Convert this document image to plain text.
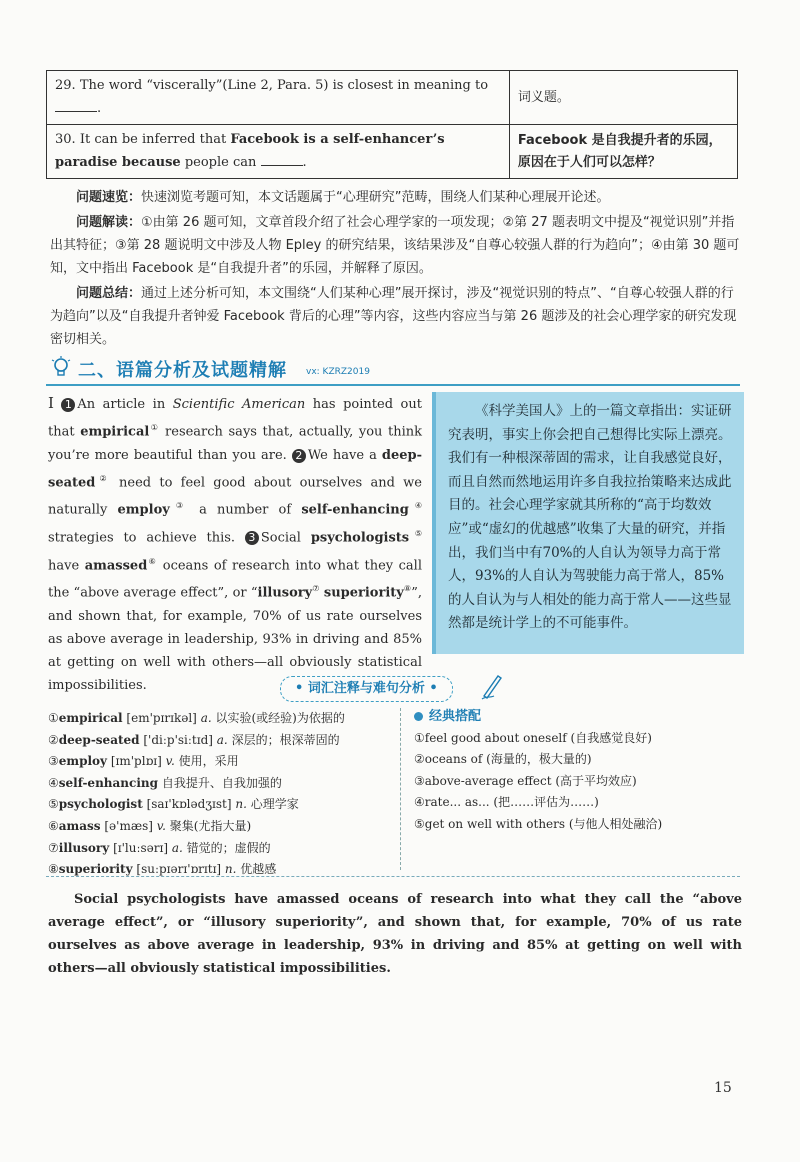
29. The word “viscerally”(Line 2, Para. 5) is closest in meaning to .	词义题。
30. It can be inferred that Facebook is a self-enhancer’s paradise because people can .	Facebook 是自我提升者的乐园，原因在于人们可以怎样？

问题速览：快速浏览考题可知，本文话题属于“心理研究”范畴，围绕人们某种心理展开论述。

问题解读：①由第 26 题可知，文章首段介绍了社会心理学家的一项发现；②第 27 题表明文中提及“视觉识别”并指出其特征；③第 28 题说明文中涉及人物 Epley 的研究结果，该结果涉及“自尊心较强人群的行为趋向”；④由第 30 题可知，文中指出 Facebook 是“自我提升者”的乐园，并解释了原因。

问题总结：通过上述分析可知，本文围绕“人们某种心理”展开探讨，涉及“视觉识别的特点”、“自尊心较强人群的行为趋向”以及“自我提升者钟爱 Facebook 背后的心理”等内容，这些内容应当与第 26 题涉及的社会心理学家的研究发现密切相关。

二、语篇分析及试题精解 vx: KZRZ2019
Ⅰ 1 An article in Scientific American has pointed out that empirical① research says that, actually, you think you’re more beautiful than you are. 2 We have a deep-seated② need to feel good about ourselves and we naturally employ③ a number of self-enhancing④ strategies to achieve this. 3 Social psychologists⑤ have amassed⑥ oceans of research into what they call the “above average effect”, or “illusory⑦ superiority⑧”, and shown that, for example, 70% of us rate ourselves as above average in leadership, 93% in driving and 85% at getting on well with others—all obviously statistical impossibilities.
《科学美国人》上的一篇文章指出：实证研究表明，事实上你会把自己想得比实际上漂亮。我们有一种根深蒂固的需求，让自我感觉良好，而且自然而然地运用许多自我拉抬策略来达成此目的。社会心理学家就其所称的“高于均数效应”或“虚幻的优越感”收集了大量的研究，并指出，我们当中有70%的人自认为领导力高于常人，93%的人自认为驾驶能力高于常人，85%的人自认为与人相处的能力高于常人——这些显然都是统计学上的不可能事件。
• 词汇注释与难句分析 •
①empirical [em'pɪrɪkəl] a. 以实验(或经验)为依据的
②deep-seated ['diːp'siːtɪd] a. 深层的；根深蒂固的
③employ [ɪm'plɒɪ] v. 使用，采用
④self-enhancing 自我提升、自我加强的
⑤psychologist [saɪ'kɒlədʒɪst] n. 心理学家
⑥amass [ə'mæs] v. 聚集(尤指大量)
⑦illusory [ɪ'luːsərɪ] a. 错觉的；虚假的
⑧superiority [suːpɪərɪ'ɒrɪtɪ] n. 优越感
经典搭配
①feel good about oneself (自我感觉良好)
②oceans of (海量的，极大量的)
③above-average effect (高于平均效应)
④rate... as... (把……评估为……)
⑤get on well with others (与他人相处融洽)
Social psychologists have amassed oceans of research into what they call the “above average effect”, or “illusory superiority”, and shown that, for example, 70% of us rate ourselves as above average in leadership, 93% in driving and 85% at getting on well with others—all obviously statistical impossibilities.
15
